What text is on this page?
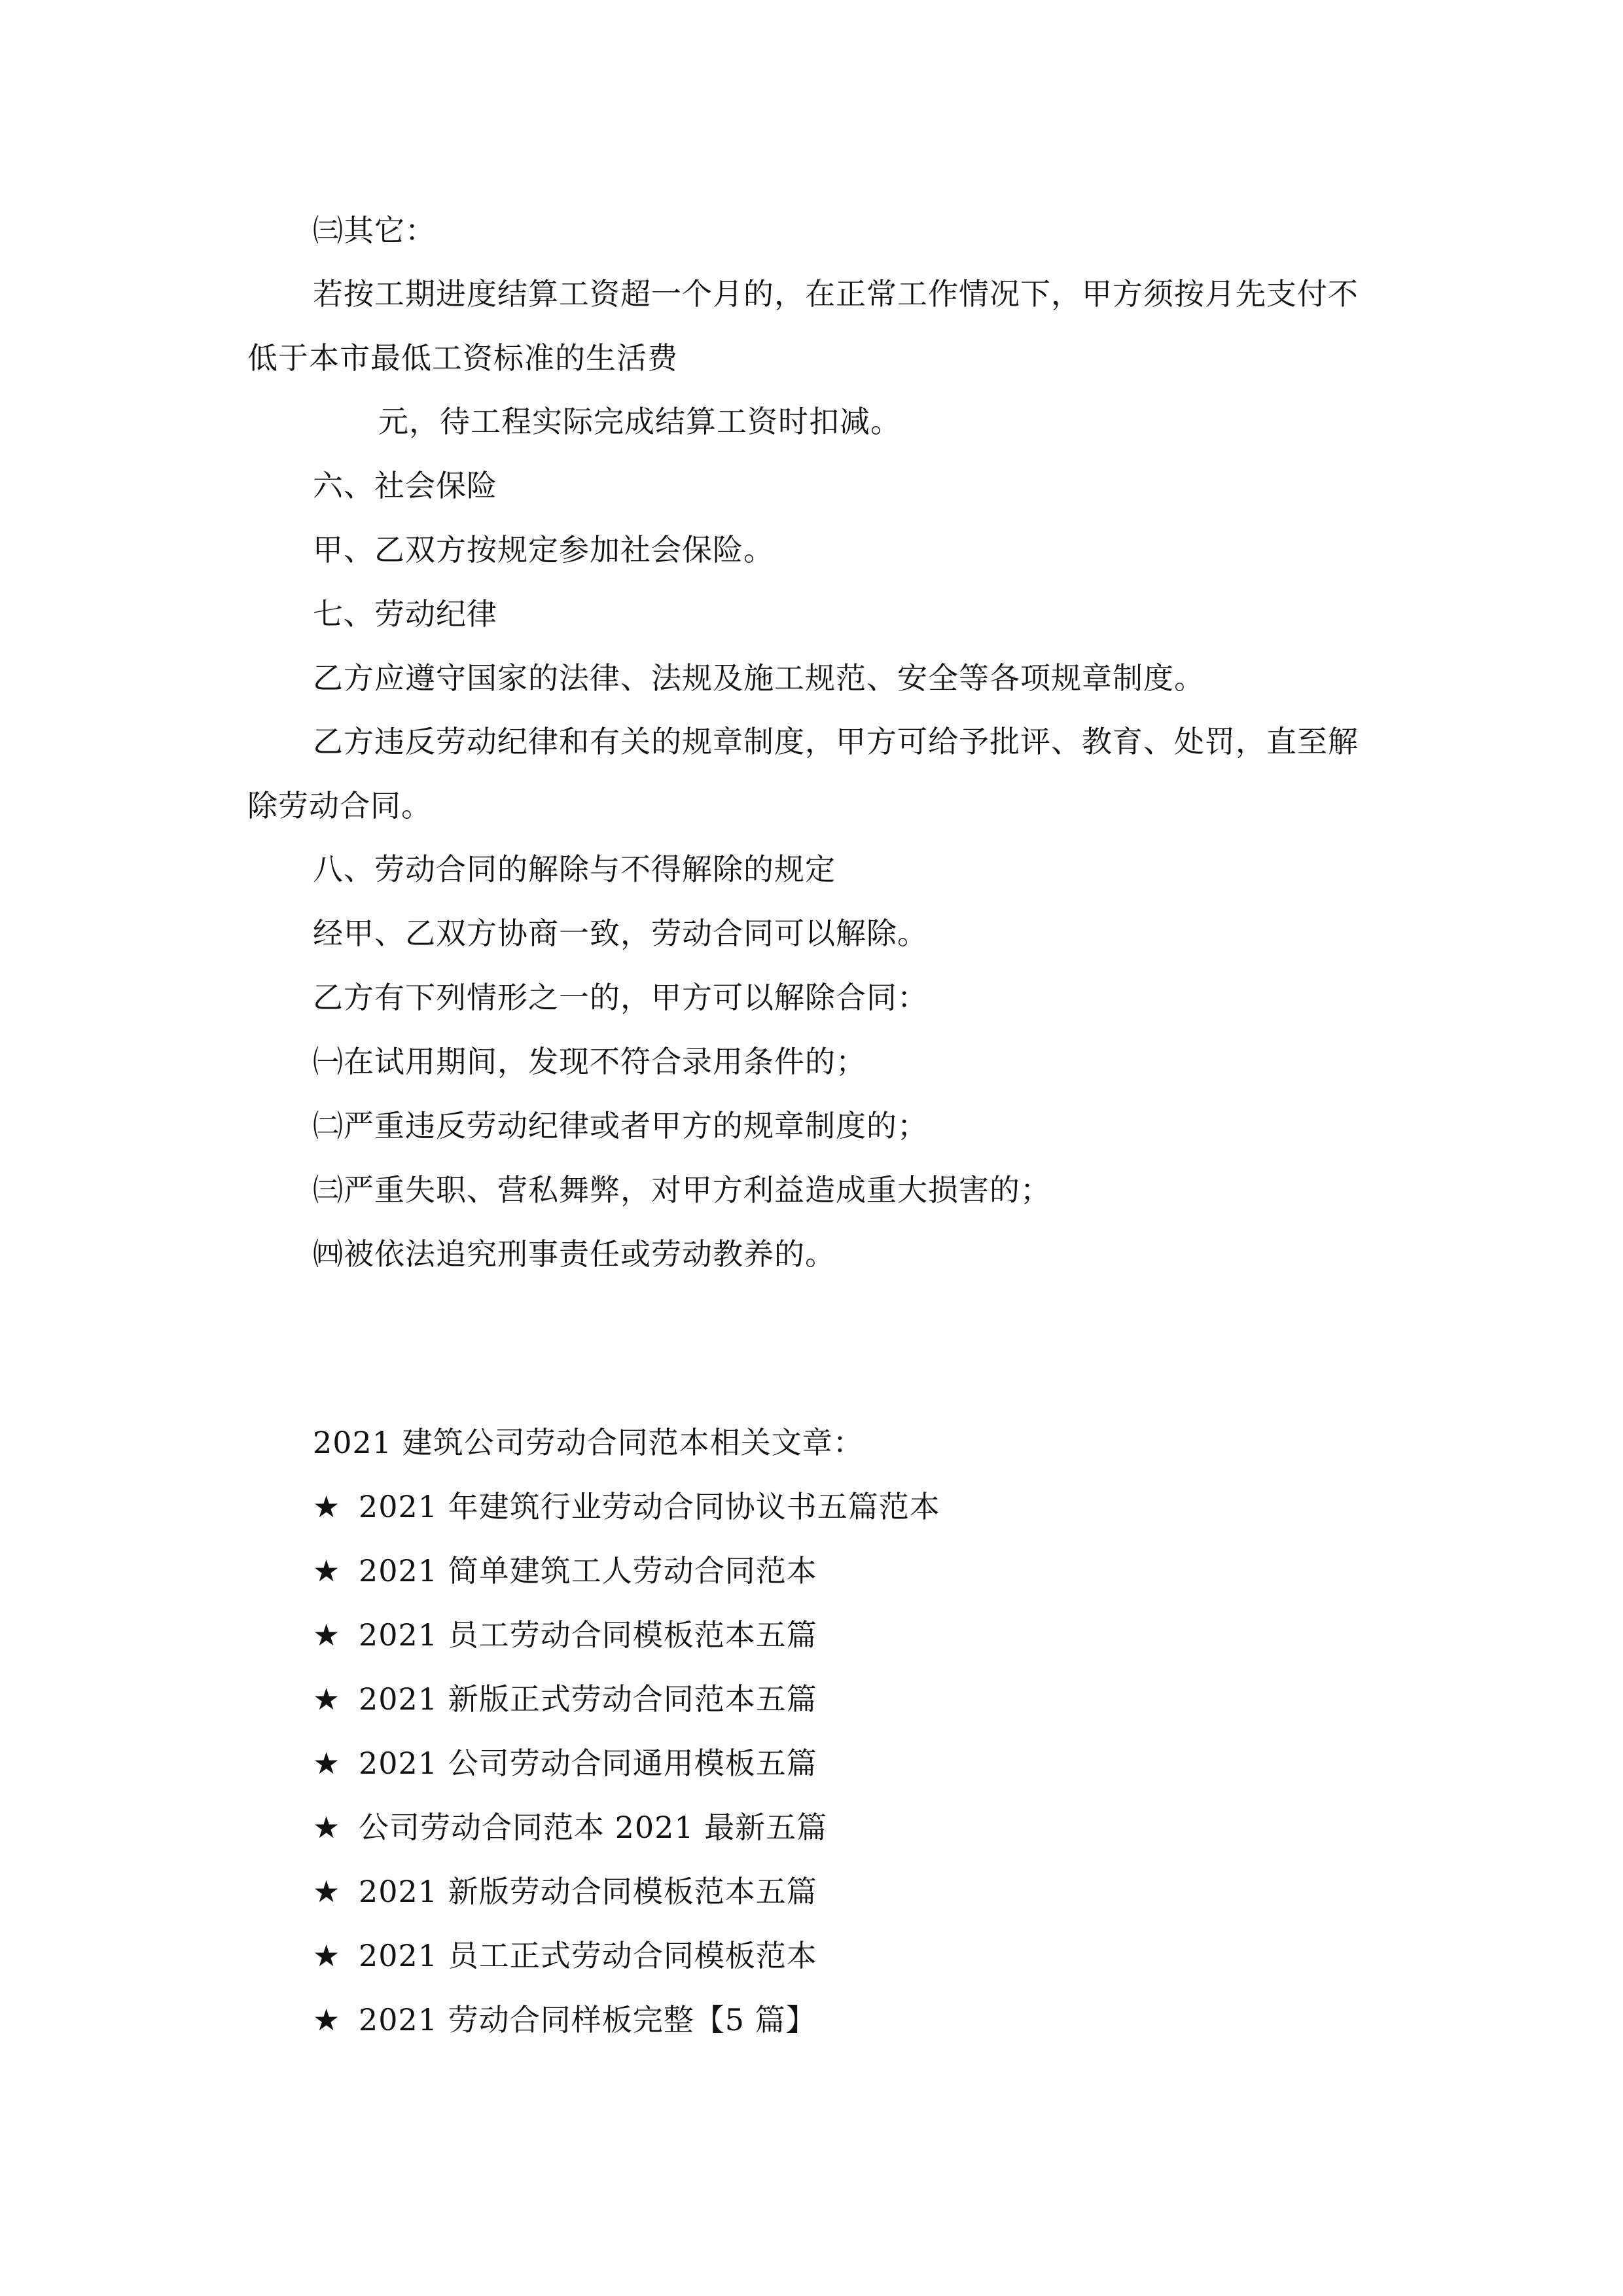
㈢其它：
若按工期进度结算工资超一个月的，在正常工作情况下，甲方须按月先支付不低于本市最低工资标准的生活费
元，待工程实际完成结算工资时扣减。
六、社会保险
甲、乙双方按规定参加社会保险。
七、劳动纪律
乙方应遵守国家的法律、法规及施工规范、安全等各项规章制度。
乙方违反劳动纪律和有关的规章制度，甲方可给予批评、教育、处罚，直至解除劳动合同。
八、劳动合同的解除与不得解除的规定
经甲、乙双方协商一致，劳动合同可以解除。
乙方有下列情形之一的，甲方可以解除合同：
㈠在试用期间，发现不符合录用条件的；
㈡严重违反劳动纪律或者甲方的规章制度的；
㈢严重失职、营私舞弊，对甲方利益造成重大损害的；
㈣被依法追究刑事责任或劳动教养的。
2021 建筑公司劳动合同范本相关文章：
★ 2021 年建筑行业劳动合同协议书五篇范本
★ 2021 简单建筑工人劳动合同范本
★ 2021 员工劳动合同模板范本五篇
★ 2021 新版正式劳动合同范本五篇
★ 2021 公司劳动合同通用模板五篇
★ 公司劳动合同范本 2021 最新五篇
★ 2021 新版劳动合同模板范本五篇
★ 2021 员工正式劳动合同模板范本
★ 2021 劳动合同样板完整【5 篇】
